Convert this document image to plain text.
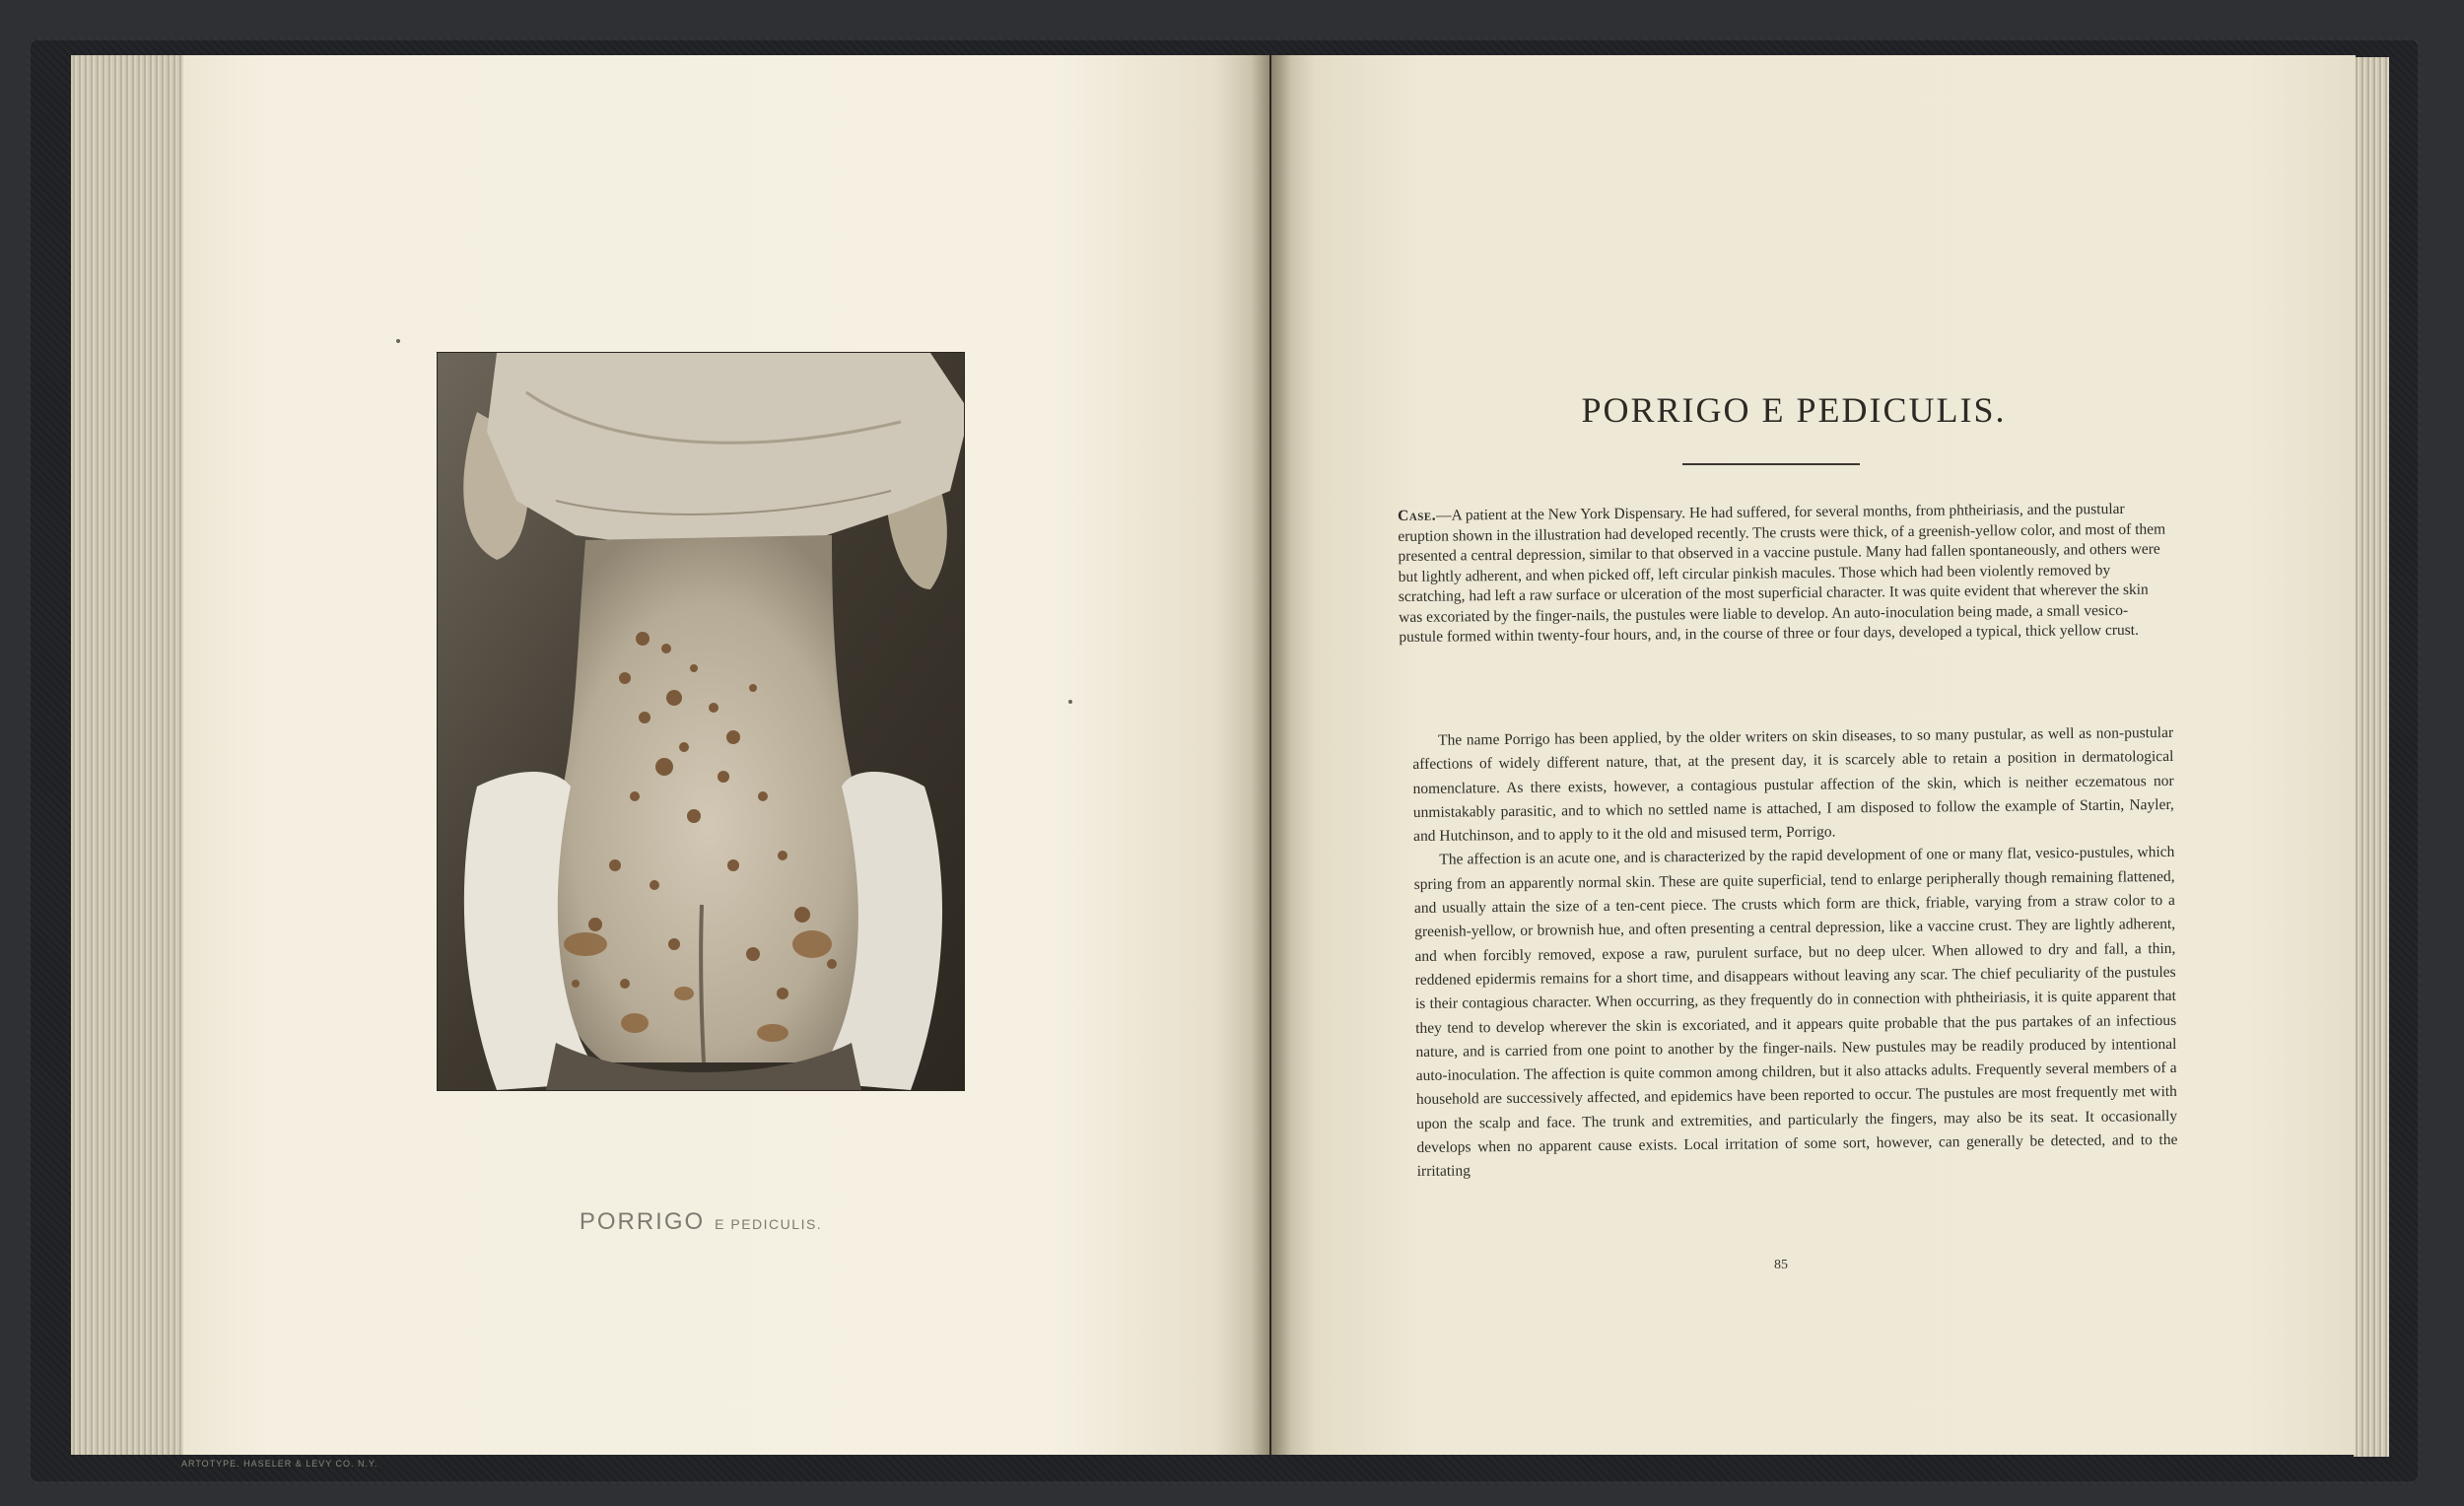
PORRIGO E PEDICULIS.
ARTOTYPE. HASELER & LEVY CO. N.Y.
PORRIGO E PEDICULIS.
Case.—A patient at the New York Dispensary. He had suffered, for several months, from phtheiriasis, and the pustular eruption shown in the illustration had developed recently. The crusts were thick, of a greenish-yellow color, and most of them presented a central depression, similar to that observed in a vaccine pustule. Many had fallen spontaneously, and others were but lightly adherent, and when picked off, left circular pinkish macules. Those which had been violently removed by scratching, had left a raw surface or ulceration of the most superficial character. It was quite evident that wherever the skin was excoriated by the finger-nails, the pustules were liable to develop. An auto-inoculation being made, a small vesico-pustule formed within twenty-four hours, and, in the course of three or four days, developed a typical, thick yellow crust.

The name Porrigo has been applied, by the older writers on skin diseases, to so many pustular, as well as non-pustular affections of widely different nature, that, at the present day, it is scarcely able to retain a position in dermatological nomenclature. As there exists, however, a contagious pustular affection of the skin, which is neither eczematous nor unmistakably parasitic, and to which no settled name is attached, I am disposed to follow the example of Startin, Nayler, and Hutchinson, and to apply to it the old and misused term, Porrigo.

The affection is an acute one, and is characterized by the rapid development of one or many flat, vesico-pustules, which spring from an apparently normal skin. These are quite superficial, tend to enlarge peripherally though remaining flattened, and usually attain the size of a ten-cent piece. The crusts which form are thick, friable, varying from a straw color to a greenish-yellow, or brownish hue, and often presenting a central depression, like a vaccine crust. They are lightly adherent, and when forcibly removed, expose a raw, purulent surface, but no deep ulcer. When allowed to dry and fall, a thin, reddened epidermis remains for a short time, and disappears without leaving any scar. The chief peculiarity of the pustules is their contagious character. When occurring, as they frequently do in connection with phtheiriasis, it is quite apparent that they tend to develop wherever the skin is excoriated, and it appears quite probable that the pus partakes of an infectious nature, and is carried from one point to another by the finger-nails. New pustules may be readily produced by intentional auto-inoculation. The affection is quite common among children, but it also attacks adults. Frequently several members of a household are successively affected, and epidemics have been reported to occur. The pustules are most frequently met with upon the scalp and face. The trunk and extremities, and particularly the fingers, may also be its seat. It occasionally develops when no apparent cause exists. Local irritation of some sort, however, can generally be detected, and to the irritating

85
